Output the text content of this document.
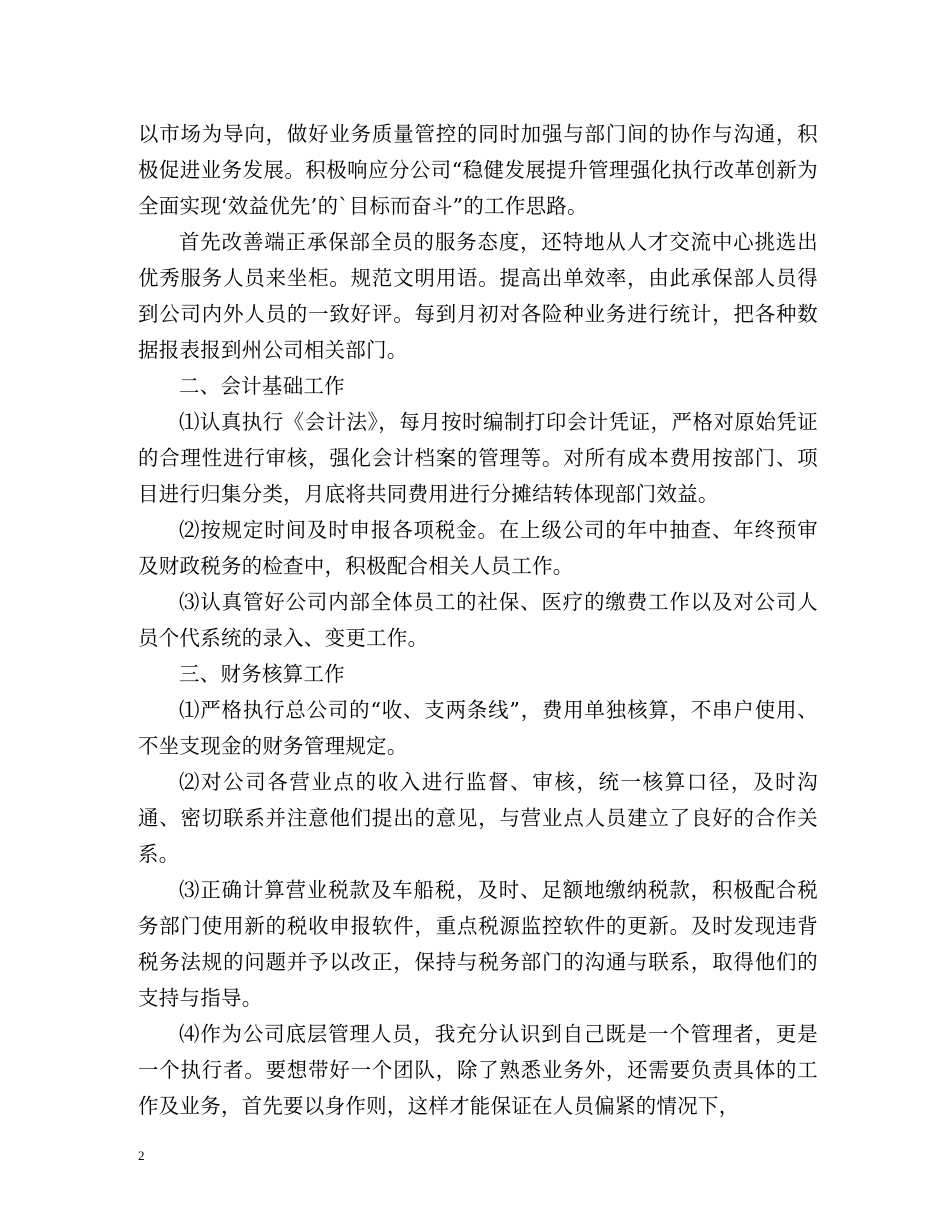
以市场为导向，做好业务质量管控的同时加强与部门间的协作与沟通，积极促进业务发展。积极响应分公司“稳健发展提升管理强化执行改革创新为全面实现‘效益优先’的`目标而奋斗”的工作思路。

首先改善端正承保部全员的服务态度，还特地从人才交流中心挑选出优秀服务人员来坐柜。规范文明用语。提高出单效率，由此承保部人员得到公司内外人员的一致好评。每到月初对各险种业务进行统计，把各种数据报表报到州公司相关部门。

二、会计基础工作

⑴认真执行《会计法》，每月按时编制打印会计凭证，严格对原始凭证的合理性进行审核，强化会计档案的管理等。对所有成本费用按部门、项目进行归集分类，月底将共同费用进行分摊结转体现部门效益。

⑵按规定时间及时申报各项税金。在上级公司的年中抽查、年终预审及财政税务的检查中，积极配合相关人员工作。

⑶认真管好公司内部全体员工的社保、医疗的缴费工作以及对公司人员个代系统的录入、变更工作。

三、财务核算工作

⑴严格执行总公司的“收、支两条线”，费用单独核算，不串户使用、不坐支现金的财务管理规定。

⑵对公司各营业点的收入进行监督、审核，统一核算口径，及时沟通、密切联系并注意他们提出的意见，与营业点人员建立了良好的合作关系。

⑶正确计算营业税款及车船税，及时、足额地缴纳税款，积极配合税务部门使用新的税收申报软件，重点税源监控软件的更新。及时发现违背税务法规的问题并予以改正，保持与税务部门的沟通与联系，取得他们的支持与指导。

⑷作为公司底层管理人员，我充分认识到自己既是一个管理者，更是一个执行者。要想带好一个团队，除了熟悉业务外，还需要负责具体的工作及业务，首先要以身作则，这样才能保证在人员偏紧的情况下，

2
